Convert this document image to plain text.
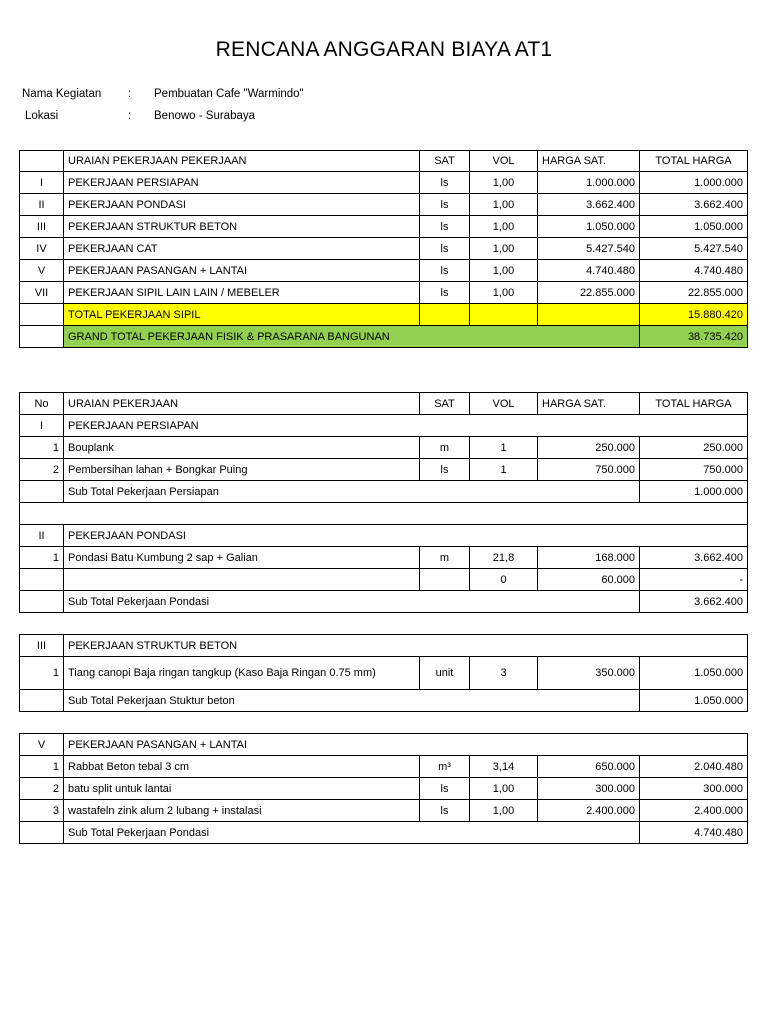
RENCANA ANGGARAN BIAYA AT1
Nama Kegiatan : Pembuatan Cafe "Warmindo"
Lokasi	: Benowo - Surabaya
	URAIAN PEKERJAAN PEKERJAAN	SAT	VOL	HARGA SAT.	TOTAL HARGA
I	PEKERJAAN PERSIAPAN	ls	1,00	1.000.000	1.000.000
II	PEKERJAAN PONDASI	ls	1,00	3.662.400	3.662.400
III	PEKERJAAN STRUKTUR BETON	ls	1,00	1.050.000	1.050.000
IV	PEKERJAAN CAT	ls	1,00	5.427.540	5.427.540
V	PEKERJAAN PASANGAN + LANTAI	ls	1,00	4.740.480	4.740.480
VII	PEKERJAAN SIPIL LAIN LAIN / MEBELER	ls	1,00	22.855.000	22.855.000
	TOTAL PEKERJAAN SIPIL				15.880.420
	GRAND TOTAL PEKERJAAN FISIK & PRASARANA BANGUNAN				38.735.420
No	URAIAN PEKERJAAN	SAT	VOL	HARGA SAT.	TOTAL HARGA
I	PEKERJAAN PERSIAPAN				
1	Bouplank	m	1	250.000	250.000
2	Pembersihan lahan + Bongkar Puing	ls	1	750.000	750.000
	Sub Total Pekerjaan Persiapan				1.000.000

II	PEKERJAAN PONDASI				
1	Pondasi Batu Kumbung 2 sap + Galian	m	21,8	168.000	3.662.400
			0	60.000	-
	Sub Total Pekerjaan Pondasi				3.662.400
III	PEKERJAAN STRUKTUR BETON				
1	Tiang canopi Baja ringan tangkup (Kaso Baja Ringan 0.75 mm)	unit	3	350.000	1.050.000
	Sub Total Pekerjaan Stuktur beton				1.050.000
V	PEKERJAAN PASANGAN + LANTAI				
1	Rabbat Beton tebal 3 cm	m³	3,14	650.000	2.040.480
2	batu split untuk lantai	ls	1,00	300.000	300.000
3	wastafeln zink alum 2 lubang + instalasi	ls	1,00	2.400.000	2.400.000
	Sub Total Pekerjaan Pondasi				4.740.480
